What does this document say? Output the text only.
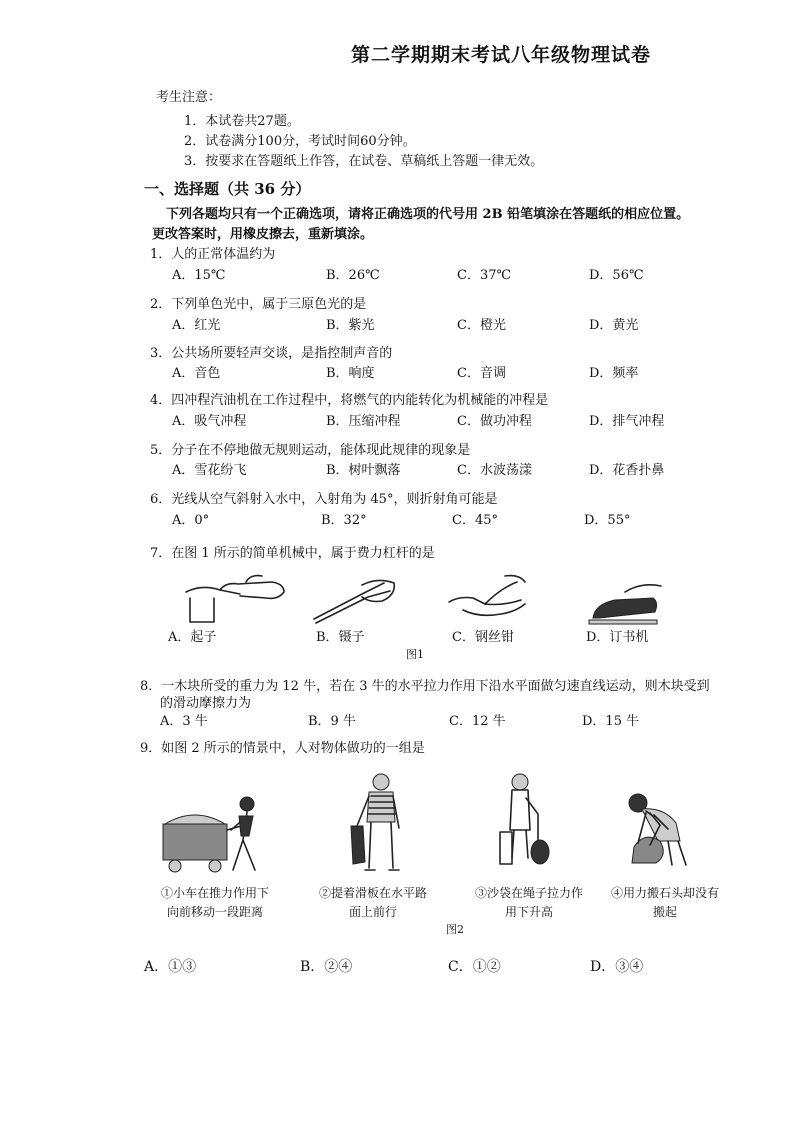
第二学期期末考试八年级物理试卷
考生注意：
1．本试卷共27题。
2．试卷满分100分，考试时间60分钟。
3．按要求在答题纸上作答，在试卷、草稿纸上答题一律无效。
一、选择题（共 36 分）
下列各题均只有一个正确选项，请将正确选项的代号用 2B 铅笔填涂在答题纸的相应位置。
更改答案时，用橡皮擦去，重新填涂。
1．人的正常体温约为
A．15℃	B．26℃	C．37℃	D．56℃
2．下列单色光中，属于三原色光的是
A．红光	B．紫光	C．橙光	D．黄光
3．公共场所要轻声交谈，是指控制声音的
A．音色	B．响度	C．音调	D．频率
4．四冲程汽油机在工作过程中，将燃气的内能转化为机械能的冲程是
A．吸气冲程	B．压缩冲程	C．做功冲程	D．排气冲程
5．分子在不停地做无规则运动，能体现此规律的现象是
A．雪花纷飞	B．树叶飘落	C．水波荡漾	D．花香扑鼻
6．光线从空气斜射入水中，入射角为 45°，则折射角可能是
A．0°	B．32°	C．45°	D．55°
7．在图 1 所示的简单机械中，属于费力杠杆的是
A．起子	B．镊子	C．钢丝钳	D．订书机
图1
8．一木块所受的重力为 12 牛，若在 3 牛的水平拉力作用下沿水平面做匀速直线运动，则木块受到
的滑动摩擦力为
A．3 牛	B．9 牛	C．12 牛	D．15 牛
9．如图 2 所示的情景中，人对物体做功的一组是
①小车在推力作用下
向前移动一段距离
②提着滑板在水平路
面上前行
③沙袋在绳子拉力作
用下升高
④用力搬石头却没有
搬起
图2
A．①③	B．②④	C．①②	D．③④
